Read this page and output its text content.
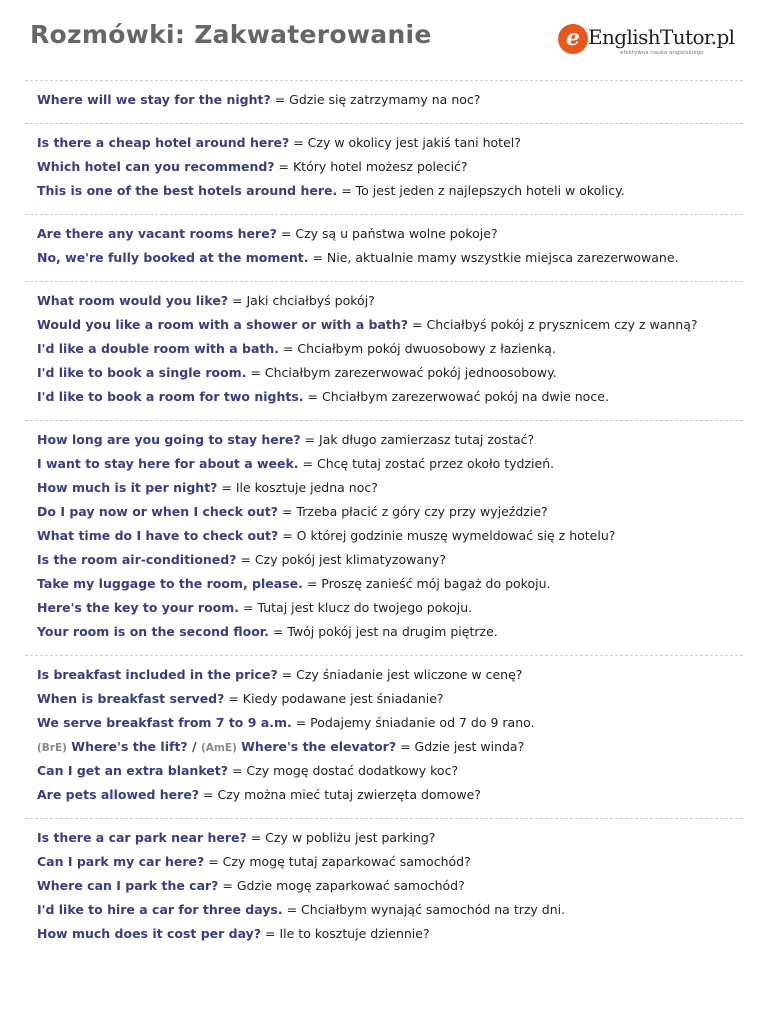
Rozmówki: Zakwaterowanie	e EnglishTutor.pl
efektywna nauka angielskiego
Where will we stay for the night? = Gdzie się zatrzymamy na noc?
Is there a cheap hotel around here? = Czy w okolicy jest jakiś tani hotel?
Which hotel can you recommend? = Który hotel możesz polecić?
This is one of the best hotels around here. = To jest jeden z najlepszych hoteli w okolicy.
Are there any vacant rooms here? = Czy są u państwa wolne pokoje?
No, we're fully booked at the moment. = Nie, aktualnie mamy wszystkie miejsca zarezerwowane.
What room would you like? = Jaki chciałbyś pokój?
Would you like a room with a shower or with a bath? = Chciałbyś pokój z prysznicem czy z wanną?
I'd like a double room with a bath. = Chciałbym pokój dwuosobowy z łazienką.
I'd like to book a single room. = Chciałbym zarezerwować pokój jednoosobowy.
I'd like to book a room for two nights. = Chciałbym zarezerwować pokój na dwie noce.
How long are you going to stay here? = Jak długo zamierzasz tutaj zostać?
I want to stay here for about a week. = Chcę tutaj zostać przez około tydzień.
How much is it per night? = Ile kosztuje jedna noc?
Do I pay now or when I check out? = Trzeba płacić z góry czy przy wyjeździe?
What time do I have to check out? = O której godzinie muszę wymeldować się z hotelu?
Is the room air-conditioned? = Czy pokój jest klimatyzowany?
Take my luggage to the room, please. = Proszę zanieść mój bagaż do pokoju.
Here's the key to your room. = Tutaj jest klucz do twojego pokoju.
Your room is on the second floor. = Twój pokój jest na drugim piętrze.
Is breakfast included in the price? = Czy śniadanie jest wliczone w cenę?
When is breakfast served? = Kiedy podawane jest śniadanie?
We serve breakfast from 7 to 9 a.m. = Podajemy śniadanie od 7 do 9 rano.
(BrE) Where's the lift? / (AmE) Where's the elevator? = Gdzie jest winda?
Can I get an extra blanket? = Czy mogę dostać dodatkowy koc?
Are pets allowed here? = Czy można mieć tutaj zwierzęta domowe?
Is there a car park near here? = Czy w pobliżu jest parking?
Can I park my car here? = Czy mogę tutaj zaparkować samochód?
Where can I park the car? = Gdzie mogę zaparkować samochód?
I'd like to hire a car for three days. = Chciałbym wynająć samochód na trzy dni.
How much does it cost per day? = Ile to kosztuje dziennie?
